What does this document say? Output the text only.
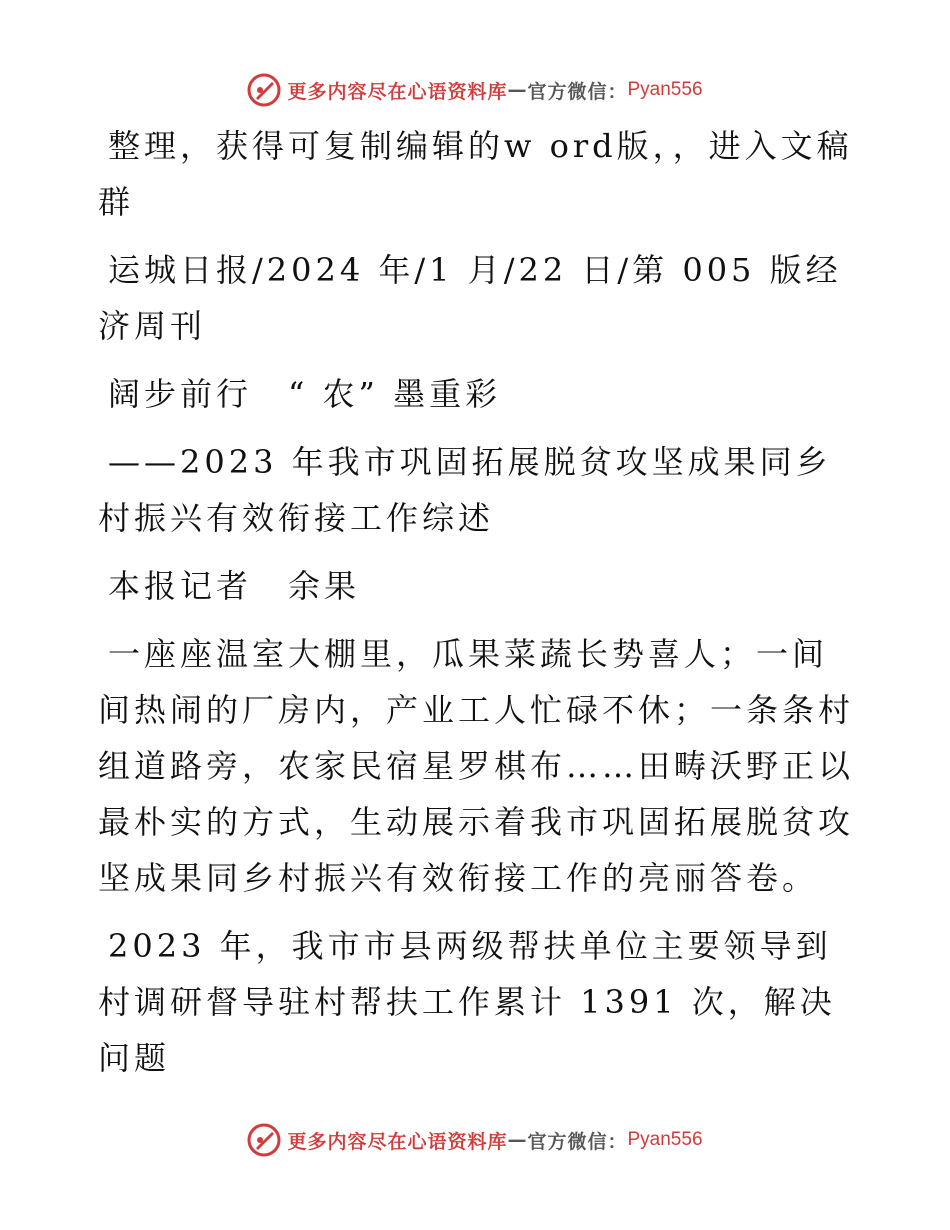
更多内容尽在心语资料库 — 官方微信： Pyan556

整理，获得可复制编辑的w ord版，，进入文稿群

运城日报/2024 年/1 月/22 日/第 005 版经济周刊

阔步前行　“ 农” 墨重彩

——2023 年我市巩固拓展脱贫攻坚成果同乡村振兴有效衔接工作综述

本报记者　余果

一座座温室大棚里，瓜果菜蔬长势喜人；一间间热闹的厂房内，产业工人忙碌不休；一条条村组道路旁，农家民宿星罗棋布……田畴沃野正以最朴实的方式，生动展示着我市巩固拓展脱贫攻坚成果同乡村振兴有效衔接工作的亮丽答卷。

2023 年，我市市县两级帮扶单位主要领导到村调研督导驻村帮扶工作累计 1391 次，解决问题

更多内容尽在心语资料库 — 官方微信： Pyan556
